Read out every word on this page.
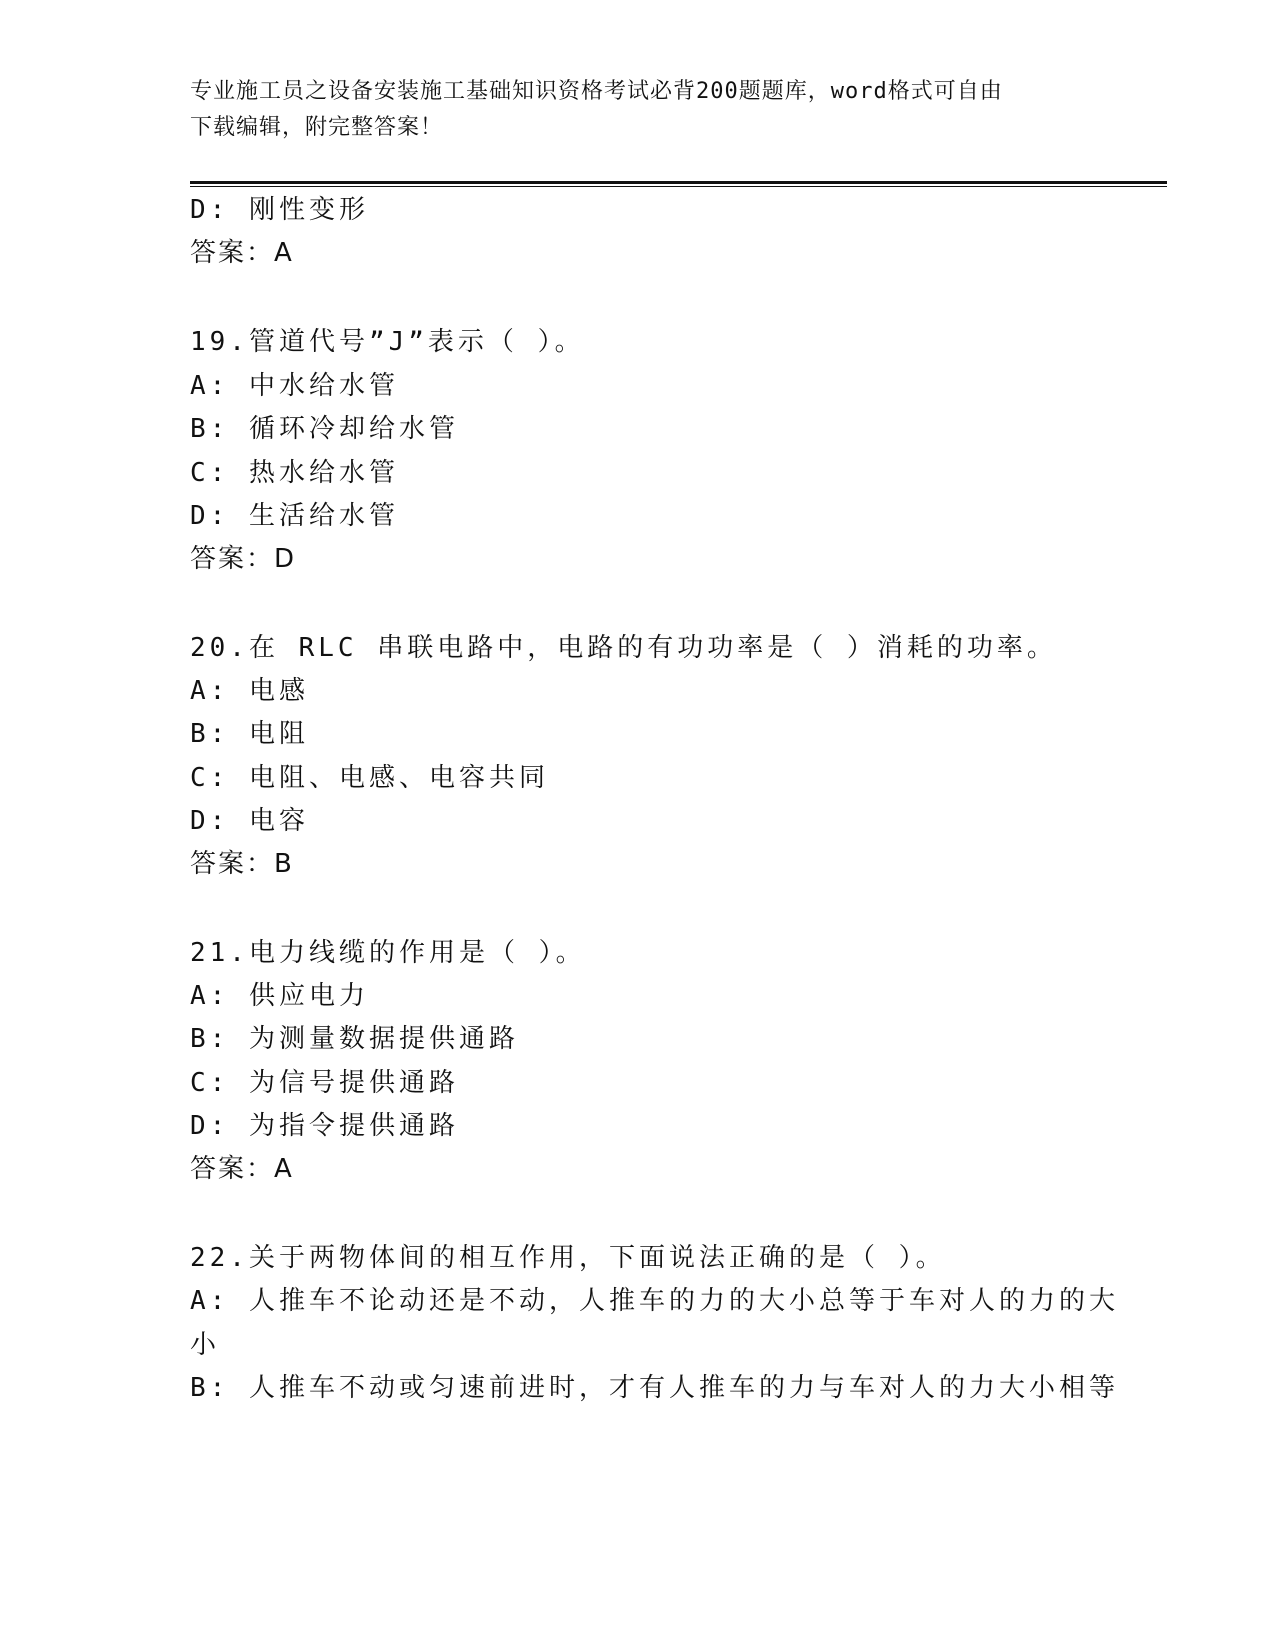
专业施工员之设备安装施工基础知识资格考试必背200题题库，word格式可自由
下载编辑，附完整答案！
D: 刚性变形
答案：A
19.管道代号”J”表示（ ）。
A: 中水给水管
B: 循环冷却给水管
C: 热水给水管
D: 生活给水管
答案：D
20.在 RLC 串联电路中，电路的有功功率是（ ）消耗的功率。
A: 电感
B: 电阻
C: 电阻、电感、电容共同
D: 电容
答案：B
21.电力线缆的作用是（ ）。
A: 供应电力
B: 为测量数据提供通路
C: 为信号提供通路
D: 为指令提供通路
答案：A
22.关于两物体间的相互作用，下面说法正确的是（ ）。
A: 人推车不论动还是不动，人推车的力的大小总等于车对人的力的大
小
B: 人推车不动或匀速前进时，才有人推车的力与车对人的力大小相等
